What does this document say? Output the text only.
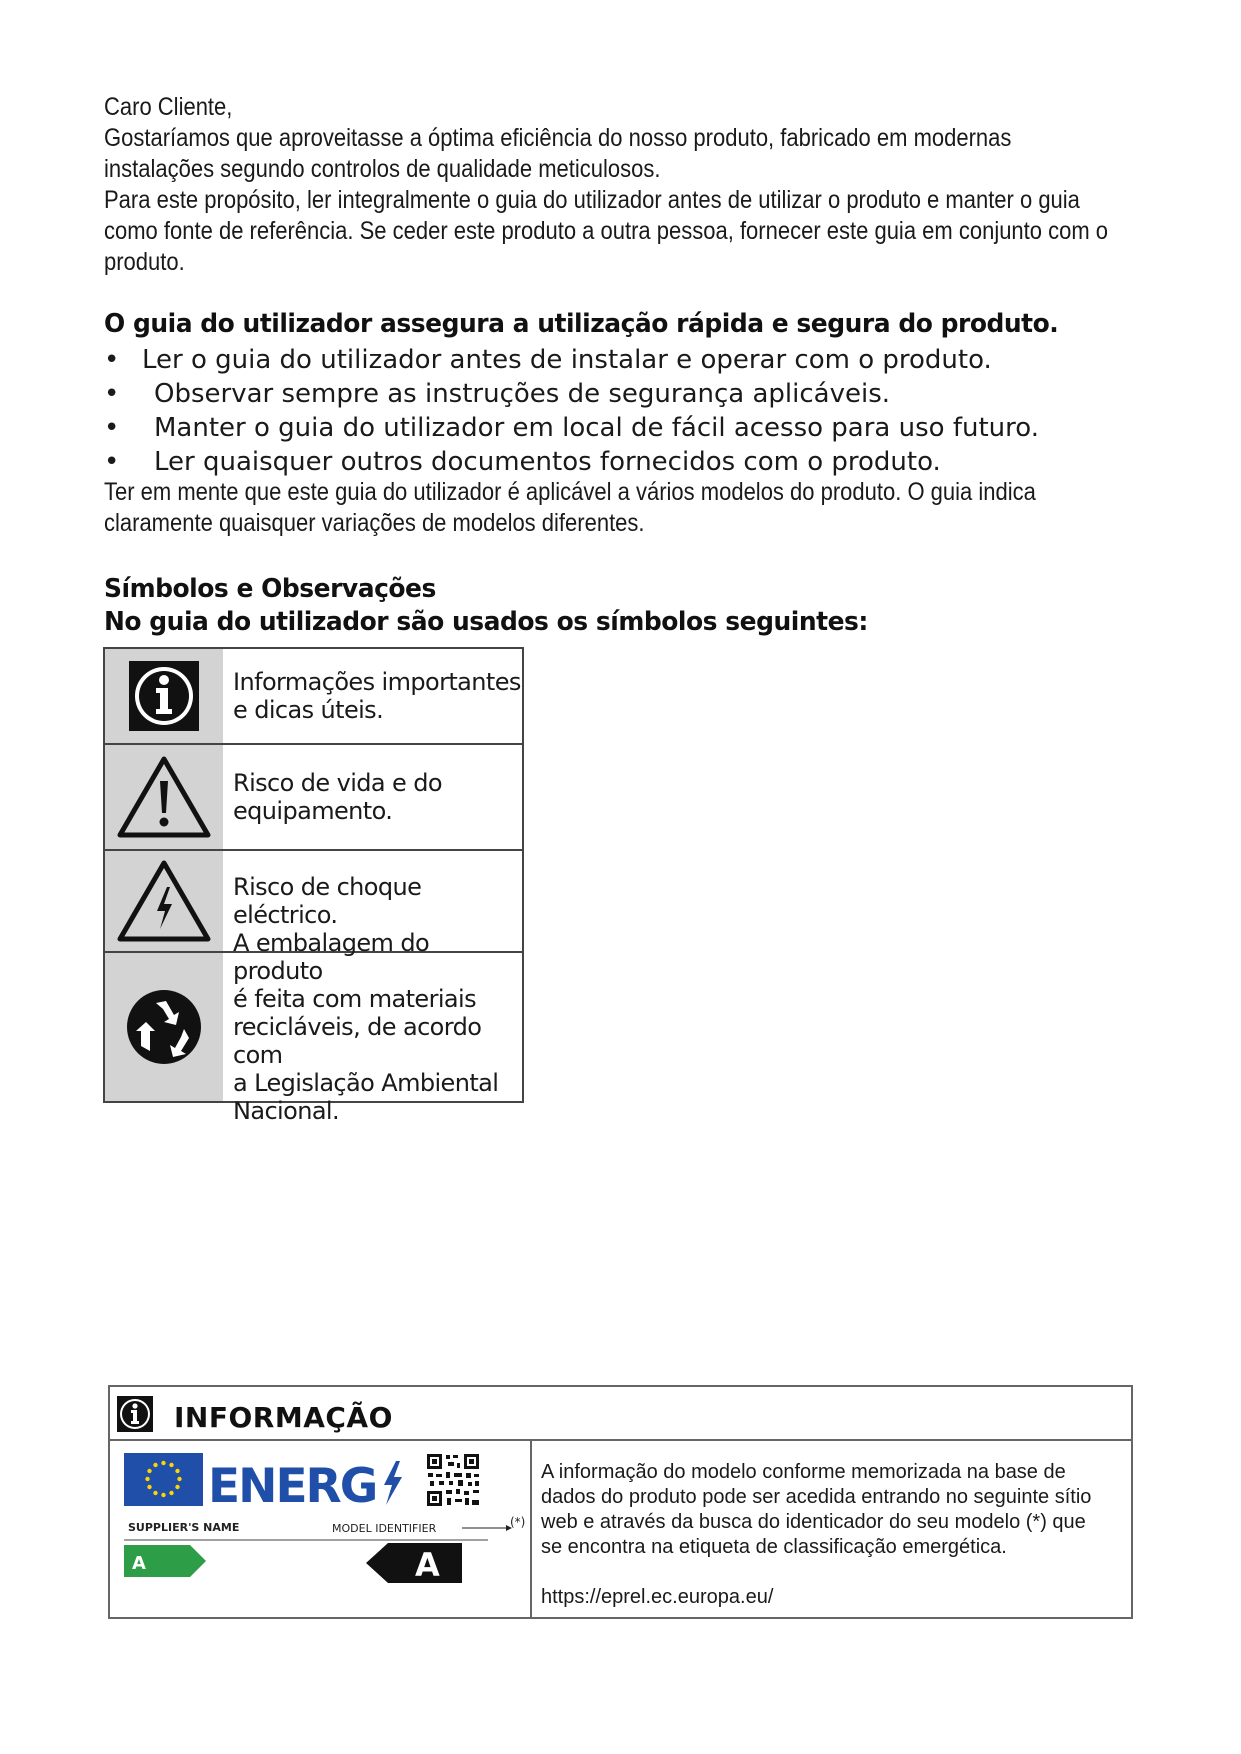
Caro Cliente,

Gostaríamos que aproveitasse a óptima eficiência do nosso produto, fabricado em modernas

instalações segundo controlos de qualidade meticulosos.

Para este propósito, ler integralmente o guia do utilizador antes de utilizar o produto e manter o guia

como fonte de referência. Se ceder este produto a outra pessoa, fornecer este guia em conjunto com o

produto.

O guia do utilizador assegura a utilização rápida e segura do produto.
• Ler o guia do utilizador antes de instalar e operar com o produto.
• Observar sempre as instruções de segurança aplicáveis.
• Manter o guia do utilizador em local de fácil acesso para uso futuro.
• Ler quaisquer outros documentos fornecidos com o produto.

Ter em mente que este guia do utilizador é aplicável a vários modelos do produto. O guia indica

claramente quaisquer variações de modelos diferentes.

Símbolos e Observações
No guia do utilizador são usados os símbolos seguintes:
Informações importantes
e dicas úteis.
Risco de vida e do
equipamento.
Risco de choque eléctrico.
A embalagem do produto
é feita com materiais
recicláveis, de acordo com
a Legislação Ambiental
Nacional.
INFORMAÇÃO
ENERG
SUPPLIER'S NAME	MODEL IDENTIFIER
A	A
(*)

A informação do modelo conforme memorizada na base de dados do produto pode ser acedida entrando no seguinte sítio web e através da busca do identicador do seu modelo (*) que se encontra na etiqueta de classificação emergética.

https://eprel.ec.europa.eu/
